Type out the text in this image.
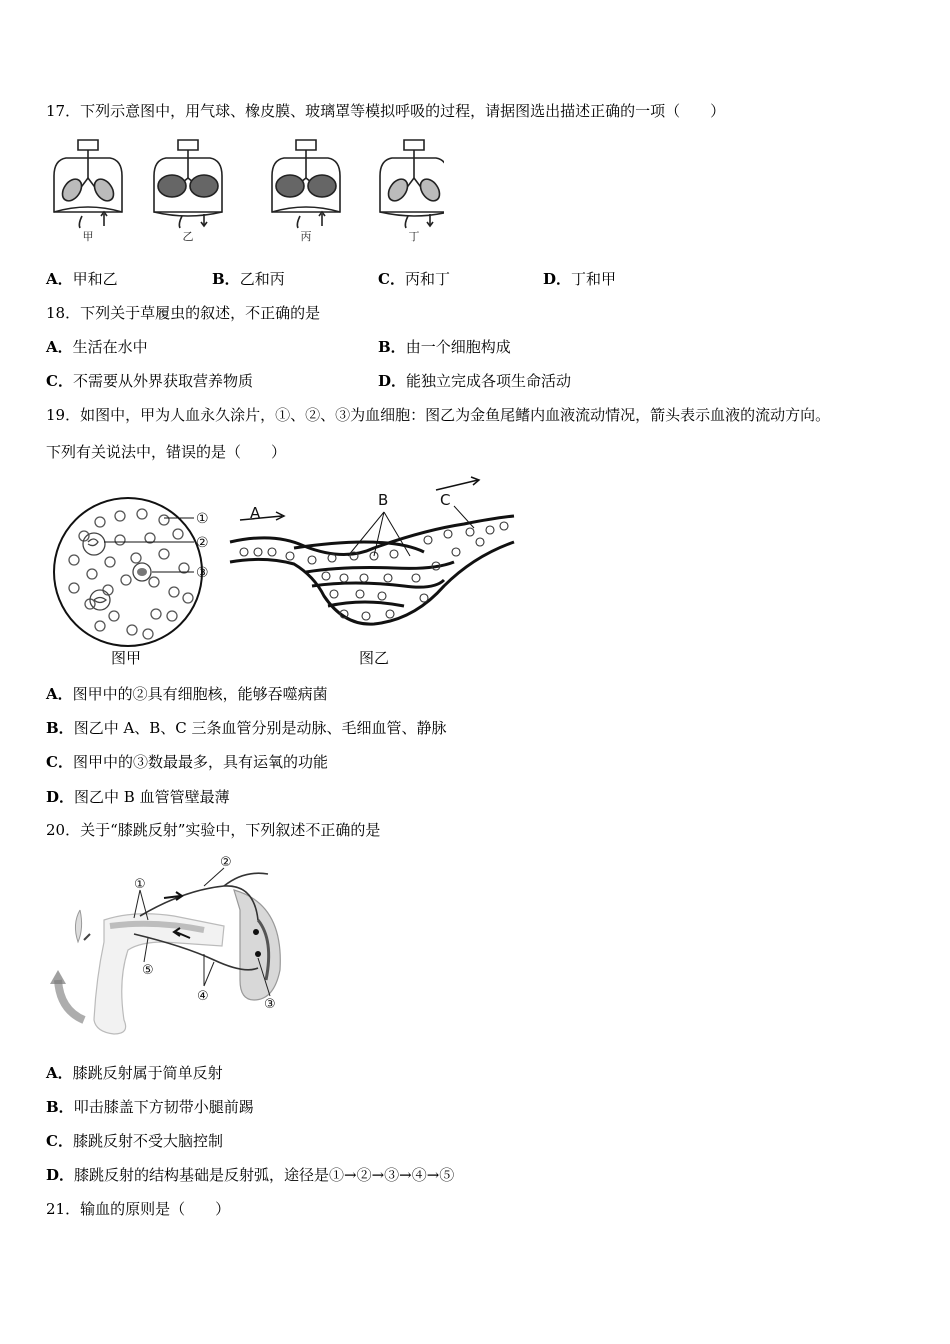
17．下列示意图中，用气球、橡皮膜、玻璃罩等模拟呼吸的过程，请据图选出描述正确的一项（　　）
甲	乙	丙	丁
A．甲和乙	B．乙和丙	C．丙和丁	D．丁和甲
18．下列关于草履虫的叙述，不正确的是
A．生活在水中	B．由一个细胞构成
C．不需要从外界获取营养物质	D．能独立完成各项生命活动
19．如图中，甲为人血永久涂片，①、②、③为血细胞：图乙为金鱼尾鳍内血液流动情况，箭头表示血液的流动方向。
下列有关说法中，错误的是（　　）
①
②
③
图甲
A
B	C
图乙
A．图甲中的②具有细胞核，能够吞噬病菌
B．图乙中 A、B、C 三条血管分别是动脉、毛细血管、静脉
C．图甲中的③数最最多，具有运氧的功能
D．图乙中 B 血管管壁最薄
20．关于“膝跳反射”实验中，下列叙述不正确的是
①
②
③
④
⑤
A．膝跳反射属于简单反射
B．叩击膝盖下方韧带小腿前踢
C．膝跳反射不受大脑控制
D．膝跳反射的结构基础是反射弧，途径是①→②→③→④→⑤
21．输血的原则是（　　）
